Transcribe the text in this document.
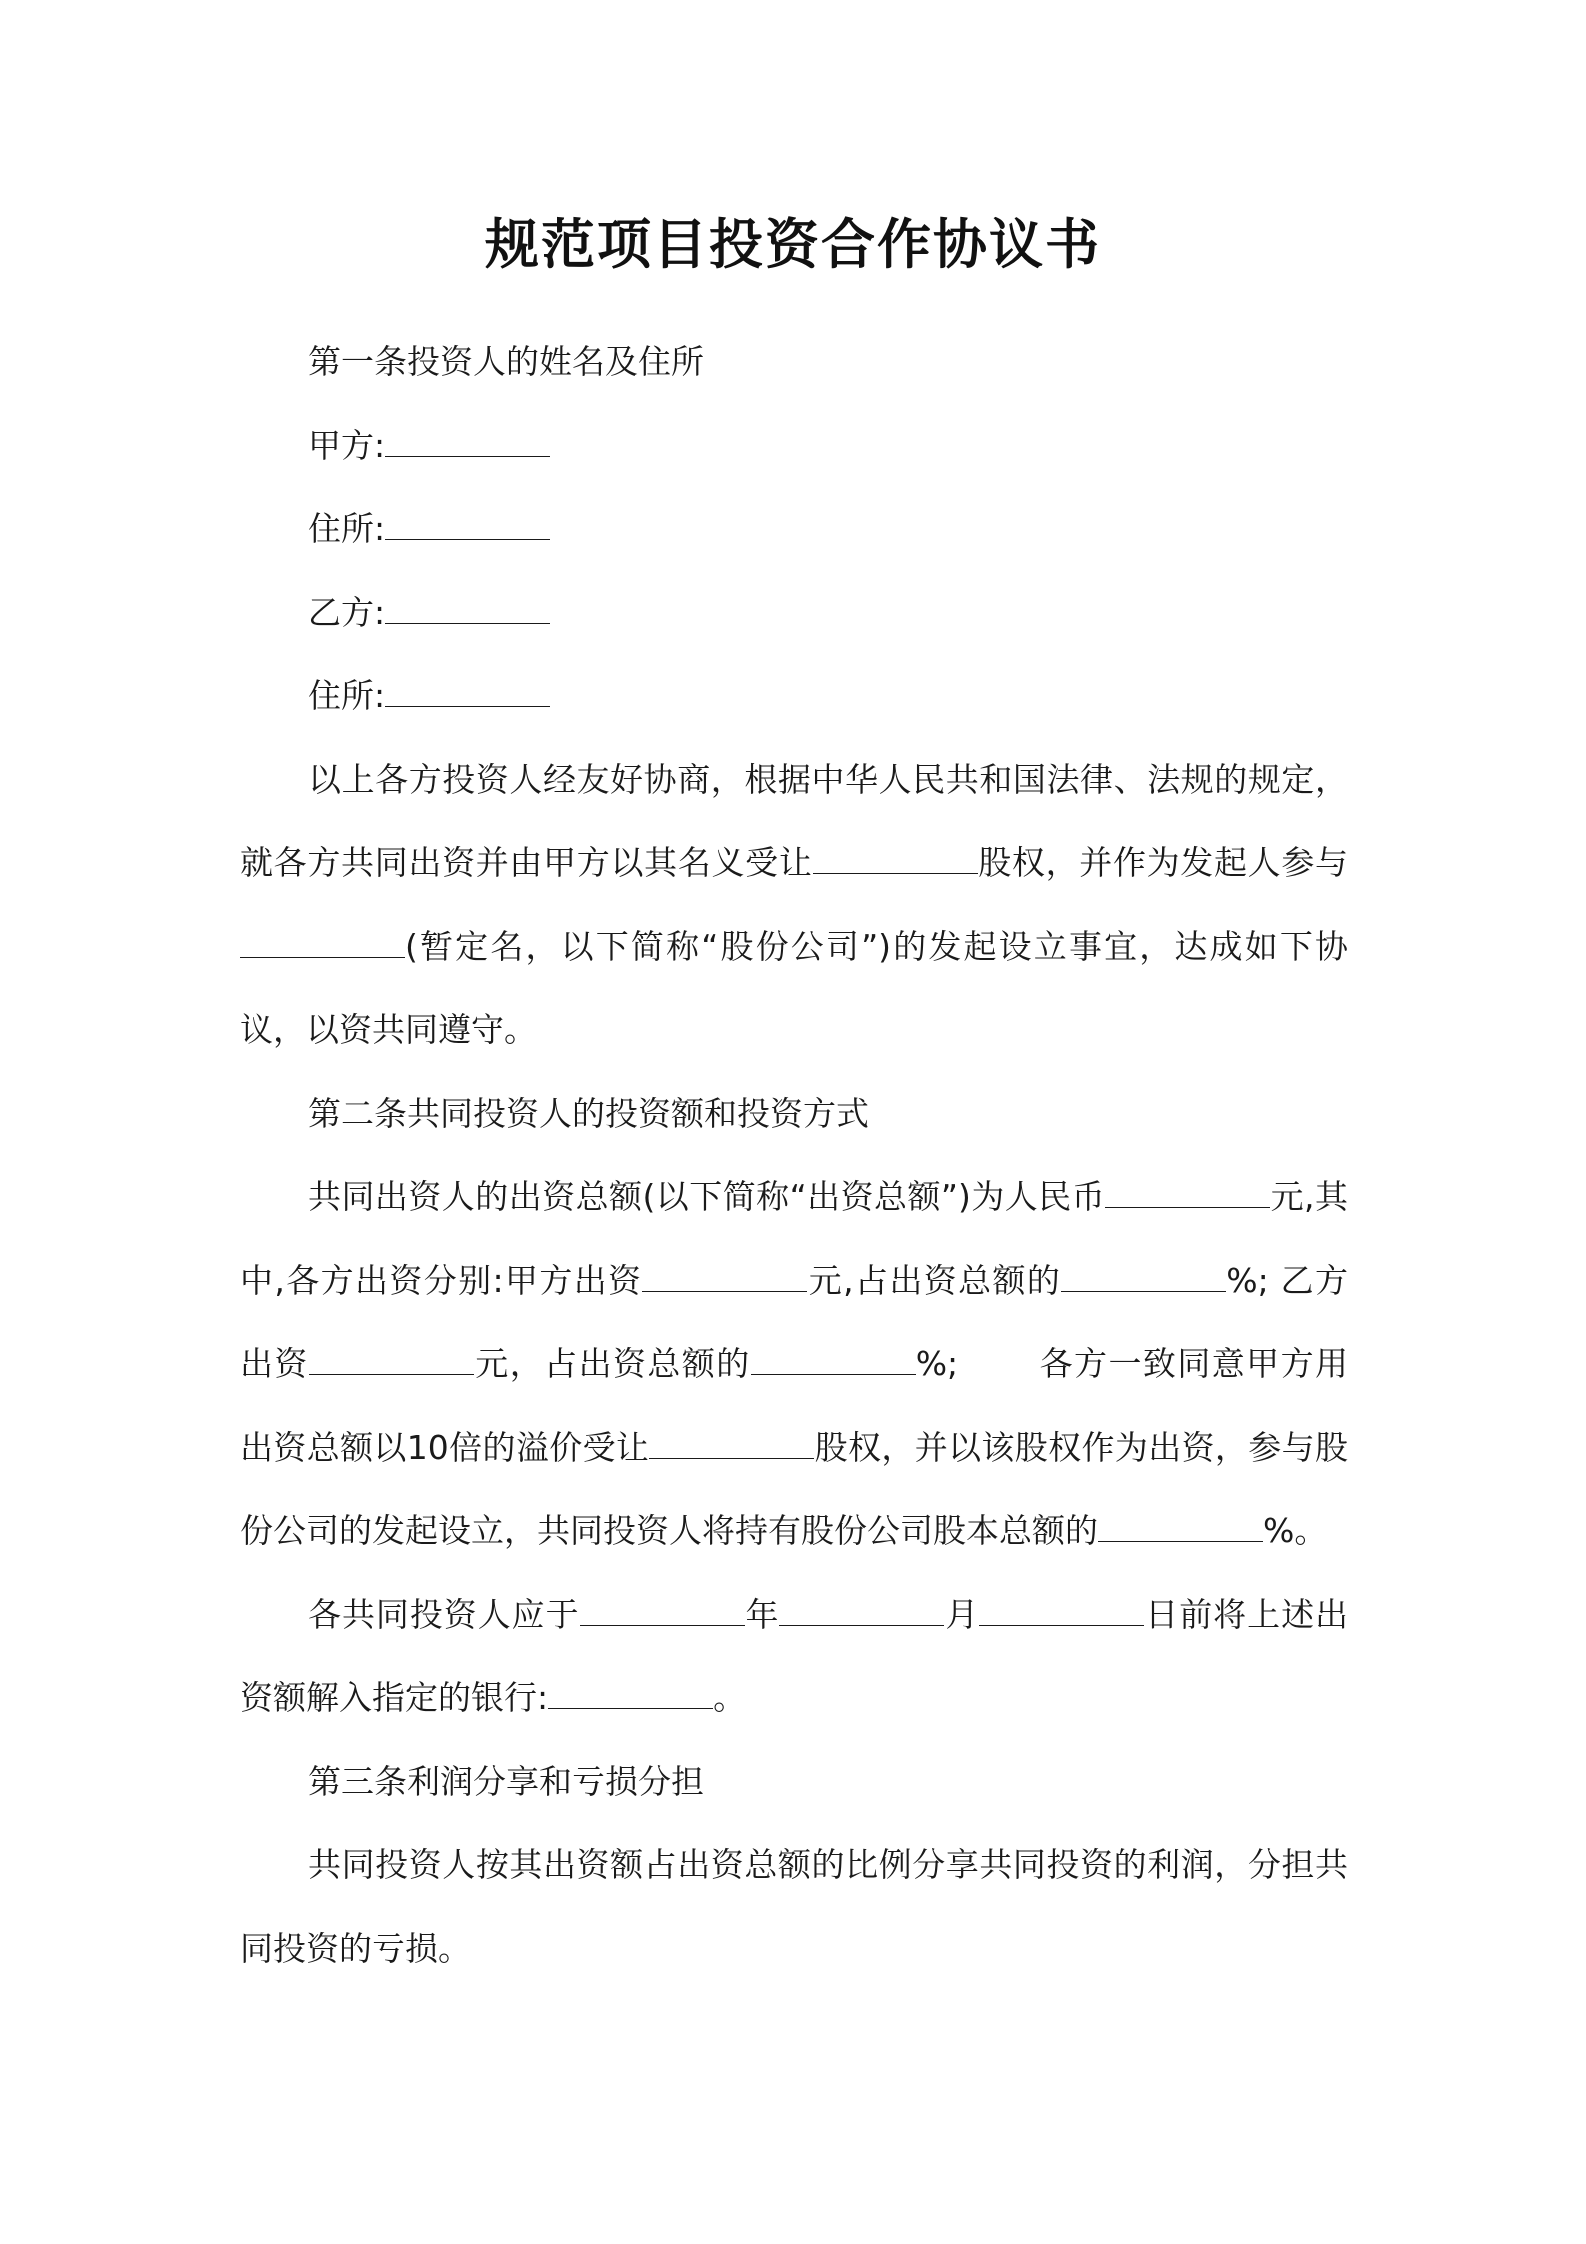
规范项目投资合作协议书

第一条投资人的姓名及住所

甲方:

住所:

乙方:

住所:

以上各方投资人经友好协商，根据中华人民共和国法律、法规的规定，就各方共同出资并由甲方以其名义受让	股权，并作为发起人参与(暂定名，以下简称“股份公司”)的发起设立事宜，达成如下协议，以资共同遵守。

第二条共同投资人的投资额和投资方式

共同出资人的出资总额(以下简称“出资总额”)为人民币	元,其中,各方出资分别:甲方出资	元,占出资总额的	%; 乙方出资	元，占出资总额的	%; 各方一致同意甲方用出资总额以10倍的溢价受让	股权，并以该股权作为出资，参与股份公司的发起设立，共同投资人将持有股份公司股本总额的	%。

各共同投资人应于	年	月	日前将上述出资额解入指定的银行:	。

第三条利润分享和亏损分担

共同投资人按其出资额占出资总额的比例分享共同投资的利润，分担共同投资的亏损。
